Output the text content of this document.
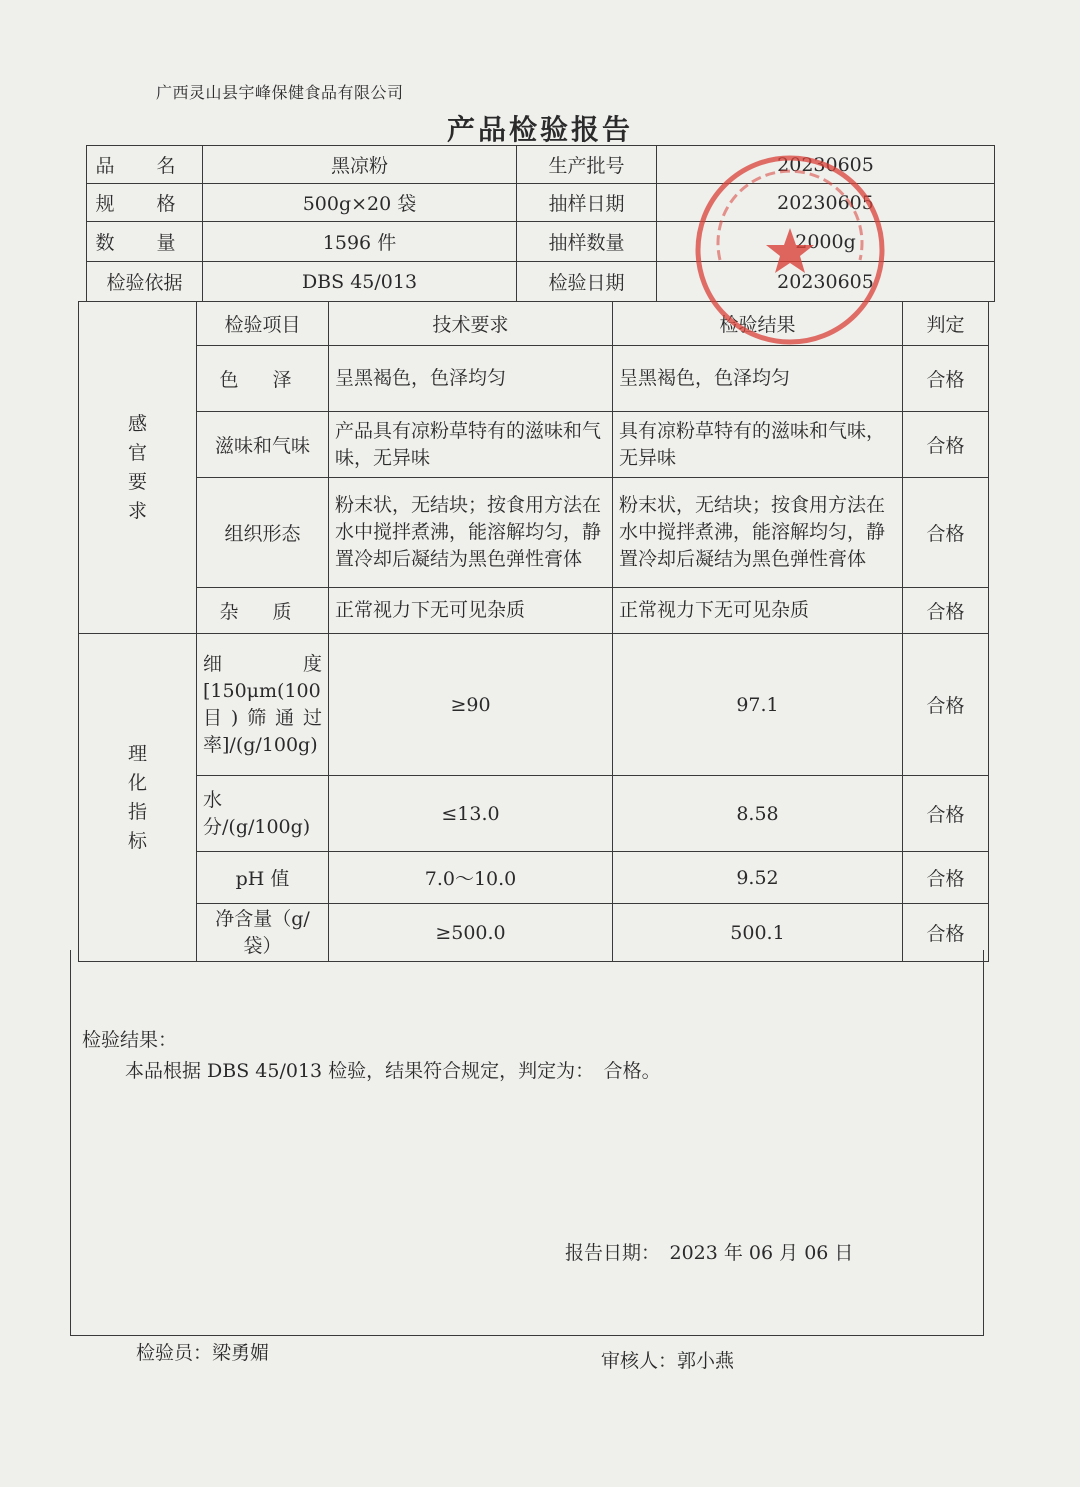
广西灵山县宇峰保健食品有限公司
产品检验报告
品 名	黑凉粉	生产批号	20230605
规 格	500g×20 袋	抽样日期	20230605
数 量	1596 件	抽样数量	2000g
检验依据	DBS 45/013	检验日期	20230605
感官要求	检验项目	技术要求	检验结果	判定
	色 泽	呈黑褐色，色泽均匀	呈黑褐色，色泽均匀	合格
	滋味和气味	产品具有凉粉草特有的滋味和气味，无异味	具有凉粉草特有的滋味和气味，无异味	合格
	组织形态	粉末状，无结块；按食用方法在水中搅拌煮沸，能溶解均匀，静置冷却后凝结为黑色弹性膏体	粉末状，无结块；按食用方法在水中搅拌煮沸，能溶解均匀，静置冷却后凝结为黑色弹性膏体	合格
	杂 质	正常视力下无可见杂质	正常视力下无可见杂质	合格
理化指标	细 度[150μm(100目)筛通过率]/(g/100g)	≥90	97.1	合格
	水 分/(g/100g)	≤13.0	8.58	合格
	pH 值	7.0～10.0	9.52	合格
	净含量（g/袋）	≥500.0	500.1	合格
检验结果：
本品根据 DBS 45/013 检验，结果符合规定，判定为：　合格。
报告日期：　2023 年 06 月 06 日
检验员：梁勇媚	审核人：郭小燕
